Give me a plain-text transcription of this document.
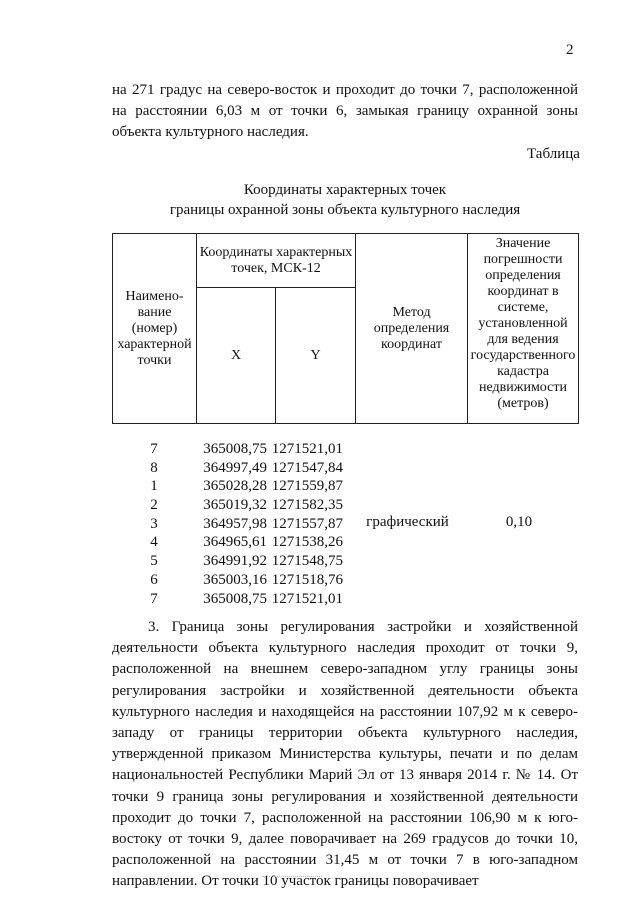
2
на 271 градус на северо-восток и проходит до точки 7, расположенной на расстоянии 6,03 м от точки 6, замыкая границу охранной зоны объекта культурного наследия.
Таблица
Координаты характерных точек
границы охранной зоны объекта культурного наследия
Наимено-вание (номер) характерной точки	Координаты характерных точек, МСК-12		Метод определения координат	Значение погрешности определения координат в системе, установленной для ведения государственного кадастра недвижимости (метров)
	X	Y		
7	365008,75 1271521,01
8	364997,49 1271547,84
1	365028,28 1271559,87
2	365019,32 1271582,35
3	364957,98 1271557,87
4	364965,61 1271538,26
5	364991,92 1271548,75
6	365003,16 1271518,76
7	365008,75 1271521,01
графический	0,10
3. Граница зоны регулирования застройки и хозяйственной деятельности объекта культурного наследия проходит от точки 9, расположенной на внешнем северо-западном углу границы зоны регулирования застройки и хозяйственной деятельности объекта культурного наследия и находящейся на расстоянии 107,92 м к северо-западу от границы территории объекта культурного наследия, утвержденной приказом Министерства культуры, печати и по делам национальностей Республики Марий Эл от 13 января 2014 г. № 14. От точки 9 граница зоны регулирования и хозяйственной деятельности проходит до точки 7, расположенной на расстоянии 106,90 м к юго-востоку от точки 9, далее поворачивает на 269 градусов до точки 10, расположенной на расстоянии 31,45 м от точки 7 в юго-западном направлении. От точки 10 участок границы поворачивает
